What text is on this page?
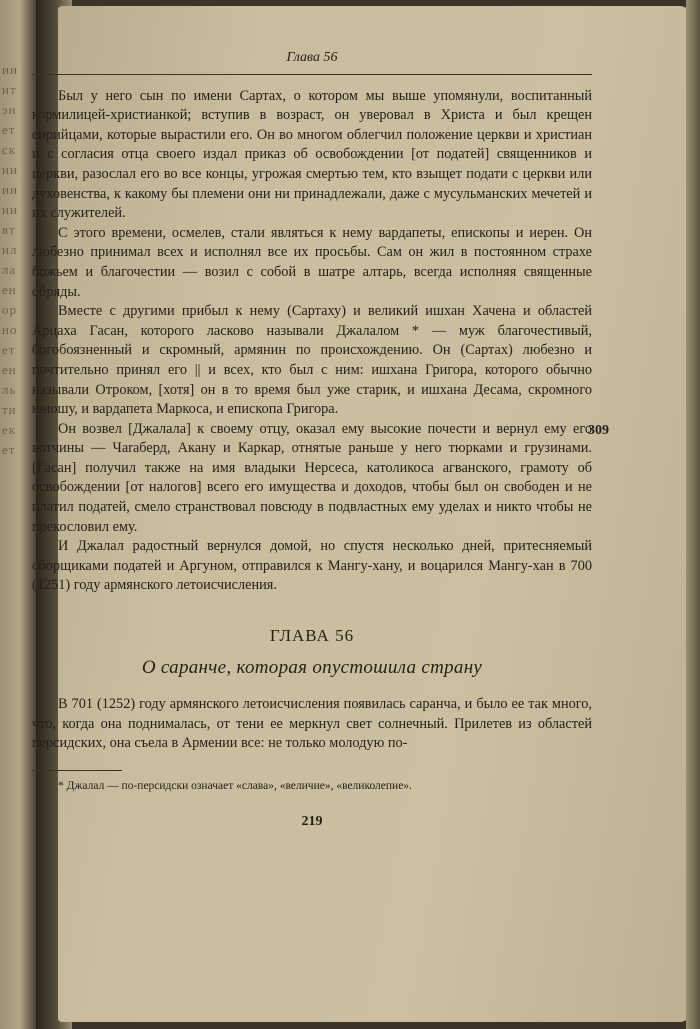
ии
ит
эн
ет
ск
ии
ии
ии
вт
ил
ла
ен
ор
но
ет
ен
ль
ти
ек
ет
Глава 56

Был у него сын по имени Сартах, о котором мы выше упомянули, воспитанный кормилицей-христианкой; вступив в возраст, он уверовал в Христа и был крещен сирийцами, которые вырастили его. Он во многом облегчил положение церкви и христиан и с согласия отца своего издал приказ об освобождении [от податей] священников и церкви, разослал его во все концы, угрожая смертью тем, кто взыщет подати с церкви или духовенства, к какому бы племени они ни принадлежали, даже с мусульманских мечетей и их служителей.

С этого времени, осмелев, стали являться к нему вардапеты, епископы и иерен. Он любезно принимал всех и исполнял все их просьбы. Сам он жил в постоянном страхе божьем и благочестии — возил с собой в шатре алтарь, всегда исполняя священные обряды.

Вместе с другими прибыл к нему (Сартаху) и великий ишхан Хачена и областей Арцаха Гасан, которого ласково называли Джалалом * — муж благочестивый, богобоязненный и скромный, армянин по происхождению. Он (Сартах) любезно и почтительно принял его || и всех, кто был с ним: ишхана Григора, которого обычно называли Отроком, [хотя] он в то время был уже старик, и ишхана Десама, скромного юношу, и вардапета Маркоса, и епископа Григора.

Он возвел [Джалала] к своему отцу, оказал ему высокие почести и вернул ему его вотчины — Чаraберд, Акану и Каркар, отнятые раньше у него тюрками и грузинами. [Гасан] получил также на имя владыки Нерсеса, католикоса агванского, грамоту об освобождении [от налогов] всего его имущества и доходов, чтобы был он свободен и не платил податей, смело странствовал повсюду в подвластных ему уделах и никто чтобы не прекословил ему.

И Джалал радостный вернулся домой, но спустя несколько дней, притесняемый сборщиками податей и Аргуном, отправился к Мангу-хану, и воцарился Мангу-хан в 700 (1251) году армянского летоисчисления.

ГЛАВА 56
О саранче, которая опустошила страну

В 701 (1252) году армянского летоисчисления появилась саранча, и было ее так много, что, когда она поднималась, от тени ее меркнул свет солнечный. Прилетев из областей персидских, она съела в Армении все: не только молодую по-

* Джалал — по-персидски означает «слава», «величие», «великолепие».

219
309
